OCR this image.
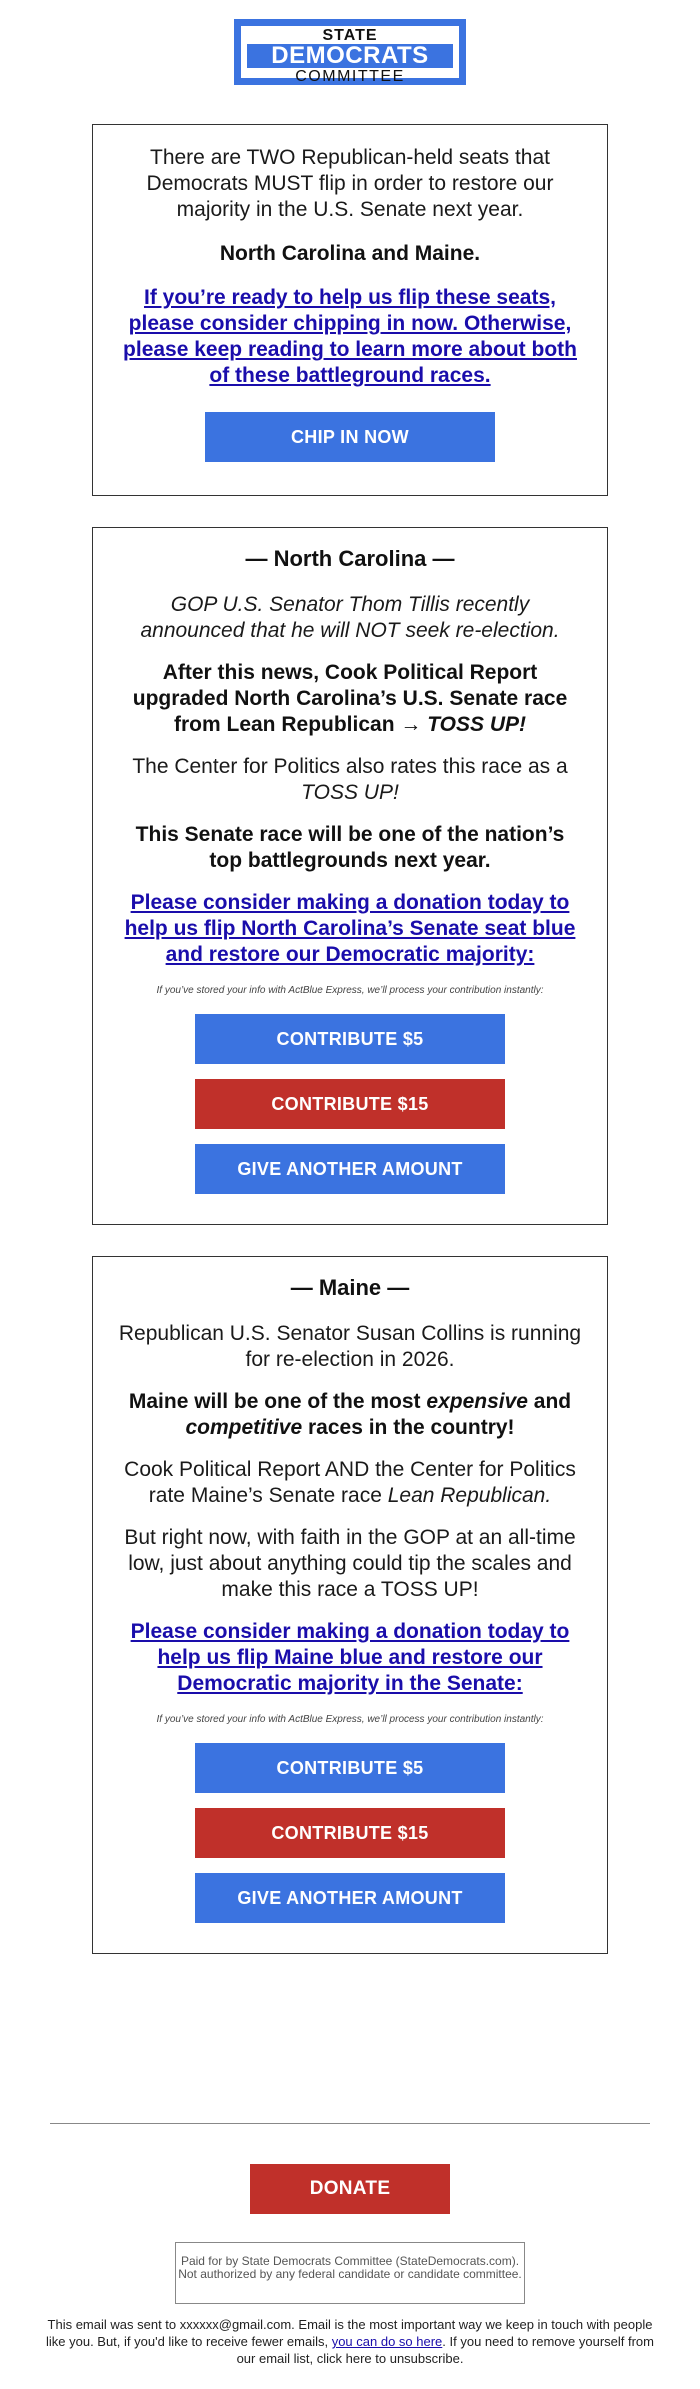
STATE
DEMOCRATS
COMMITTEE

There are TWO Republican-held seats that Democrats MUST flip in order to restore our majority in the U.S. Senate next year.

North Carolina and Maine.

If you’re ready to help us flip these seats, please consider chipping in now. Otherwise, please keep reading to learn more about both of these battleground races.
CHIP IN NOW

— North Carolina —

GOP U.S. Senator Thom Tillis recently announced that he will NOT seek re-election.

After this news, Cook Political Report upgraded North Carolina’s U.S. Senate race from Lean Republican → TOSS UP!

The Center for Politics also rates this race as a TOSS UP!

This Senate race will be one of the nation’s top battlegrounds next year.

Please consider making a donation today to help us flip North Carolina’s Senate seat blue and restore our Democratic majority:

If you’ve stored your info with ActBlue Express, we’ll process your contribution instantly:

CONTRIBUTE $5
CONTRIBUTE $15
GIVE ANOTHER AMOUNT

— Maine —

Republican U.S. Senator Susan Collins is running for re-election in 2026.

Maine will be one of the most expensive and competitive races in the country!

Cook Political Report AND the Center for Politics rate Maine’s Senate race Lean Republican.

But right now, with faith in the GOP at an all-time low, just about anything could tip the scales and make this race a TOSS UP!

Please consider making a donation today to help us flip Maine blue and restore our Democratic majority in the Senate:

If you’ve stored your info with ActBlue Express, we’ll process your contribution instantly:

CONTRIBUTE $5
CONTRIBUTE $15
GIVE ANOTHER AMOUNT
DONATE
Paid for by State Democrats Committee (StateDemocrats.com). Not authorized by any federal candidate or candidate committee.
This email was sent to xxxxxx@gmail.com. Email is the most important way we keep in touch with people like you. But, if you'd like to receive fewer emails, you can do so here. If you need to remove yourself from our email list, click here to unsubscribe.
